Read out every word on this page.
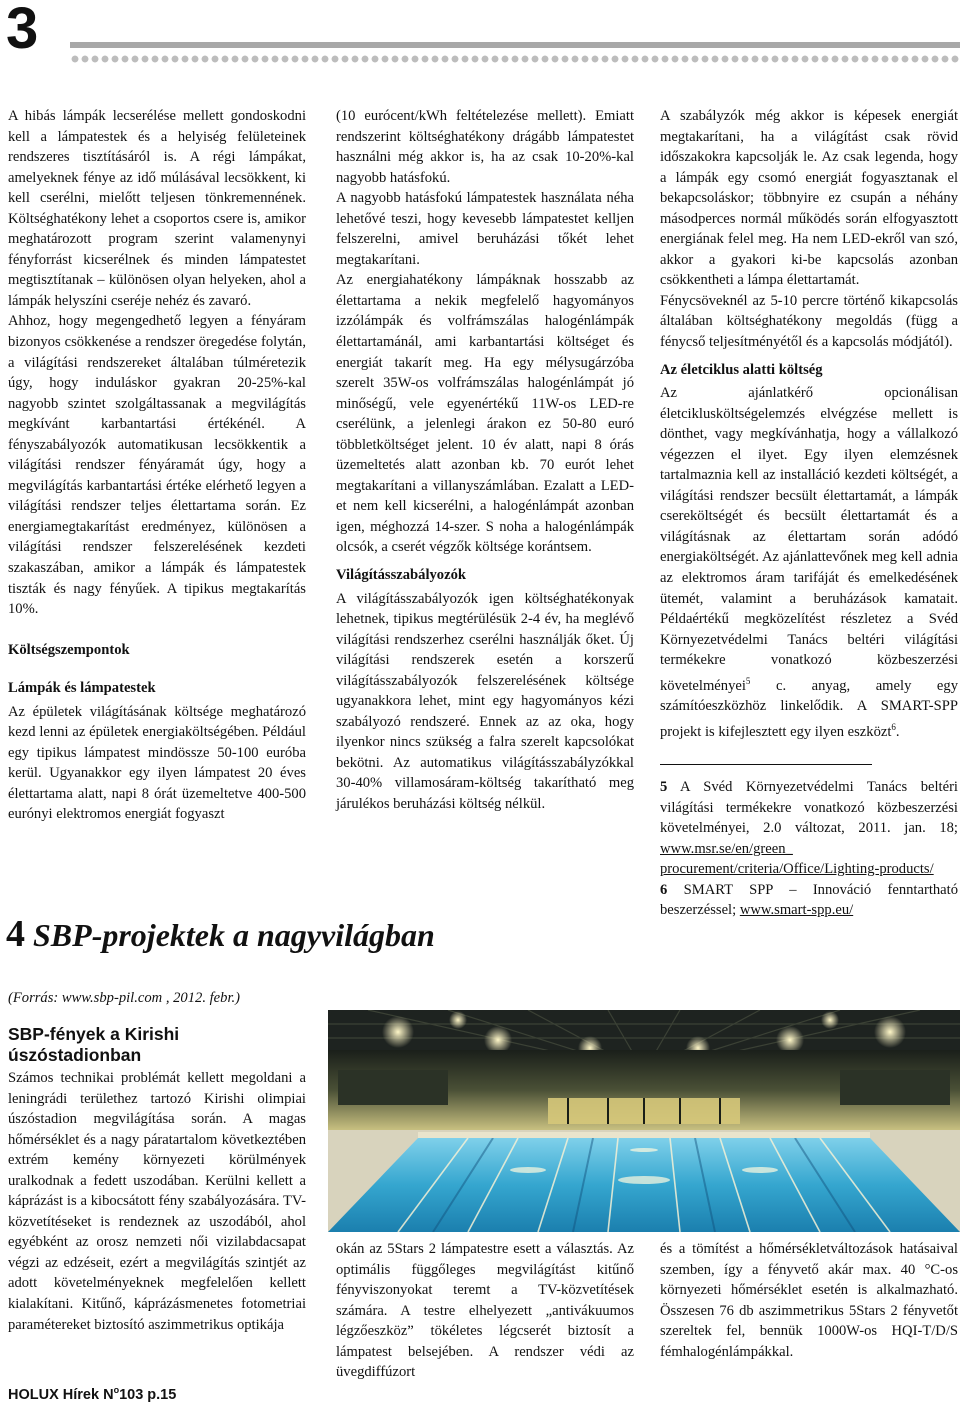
3

A hibás lámpák lecserélése mellett gondoskodni kell a lámpatestek és a helyiség felületeinek rendszeres tisztításáról is. A régi lámpákat, amelyeknek fénye az idő múlásával lecsökkent, ki kell cserélni, mielőtt teljesen tönkremennének. Költséghatékony lehet a csoportos csere is, amikor meghatározott program szerint valamenynyi fényforrást kicserélnek és minden lámpatestet megtisztítanak – különösen olyan helyeken, ahol a lámpák helyszíni cseréje nehéz és zavaró.

Ahhoz, hogy megengedhető legyen a fényáram bizonyos csökkenése a rendszer öregedése folytán, a világítási rendszereket általában túlméretezik úgy, hogy induláskor gyakran 20-25%-kal nagyobb szintet szolgáltassanak a megvilágítás megkívánt karbantartási értékénél. A fényszabályozók automatikusan lecsökkentik a világítási rendszer fényáramát úgy, hogy a megvilágítás karbantartási értéke elérhető legyen a világítási rendszer teljes élettartama során. Ez energiamegtakarítást eredményez, különösen a világítási rendszer felszerelésének kezdeti szakaszában, amikor a lámpák és lámpatestek tiszták és nagy fényűek. A tipikus megtakarítás 10%.

Költségszempontok
Lámpák és lámpatestek

Az épületek világításának költsége meghatározó kezd lenni az épületek energiaköltségében. Például egy tipikus lámpatest mindössze 50-100 euróba kerül. Ugyanakkor egy ilyen lámpatest 20 éves élettartama alatt, napi 8 órát üzemeltetve 400-500 eurónyi elektromos energiát fogyaszt

(10 eurócent/kWh feltételezése mellett). Emiatt rendszerint költséghatékony drágább lámpatestet használni még akkor is, ha az csak 10-20%-kal nagyobb hatásfokú.

A nagyobb hatásfokú lámpatestek használata néha lehetővé teszi, hogy kevesebb lámpatestet kelljen felszerelni, amivel beruházási tőkét lehet megtakarítani.

Az energiahatékony lámpáknak hosszabb az élettartama a nekik megfelelő hagyományos izzólámpák és volfrámszálas halogénlámpák élettartamánál, ami karbantartási költséget és energiát takarít meg. Ha egy mélysugárzóba szerelt 35W-os volfrámszálas halogénlámpát jó minőségű, vele egyenértékű 11W-os LED-re cserélünk, a jelenlegi árakon ez 50-80 euró többletköltséget jelent. 10 év alatt, napi 8 órás üzemeltetés alatt azonban kb. 70 eurót lehet megtakarítani a villanyszámlában. Ezalatt a LED-et nem kell kicserélni, a halogénlámpát azonban igen, méghozzá 14-szer. S noha a halogénlámpák olcsók, a cserét végzők költsége korántsem.

Világításszabályozók

A világításszabályozók igen költséghatékonyak lehetnek, tipikus megtérülésük 2-4 év, ha meglévő világítási rendszerhez cserélni használják őket. Új világítási rendszerek esetén a korszerű világításszabályozók felszerelésének költsége ugyanakkora lehet, mint egy hagyományos kézi szabályozó rendszeré. Ennek az az oka, hogy ilyenkor nincs szükség a falra szerelt kapcsolókat bekötni. Az automatikus világításszabályzókkal 30-40% villamosáram-költség takarítható meg járulékos beruházási költség nélkül.

A szabályzók még akkor is képesek energiát megtakarítani, ha a világítást csak rövid időszakokra kapcsolják le. Az csak legenda, hogy a lámpák egy csomó energiát fogyasztanak el bekapcsoláskor; többnyire ez csupán a néhány másodperces normál működés során elfogyasztott energiának felel meg. Ha nem LED-ekről van szó, akkor a gyakori ki-be kapcsolás azonban csökkentheti a lámpa élettartamát.

Fénycsöveknél az 5-10 percre történő kikapcsolás általában költséghatékony megoldás (függ a fénycső teljesítményétől és a kapcsolás módjától).

Az életciklus alatti költség

Az ajánlatkérő opcionálisan életciklusköltségelemzés elvégzése mellett is dönthet, vagy megkívánhatja, hogy a vállalkozó végezzen el ilyet. Egy ilyen elemzésnek tartalmaznia kell az installáció kezdeti költségét, a világítási rendszer becsült élettartamát, a lámpák csereköltségét és becsült élettartamát és a világításnak az élettartam során adódó energiaköltségét. Az ajánlattevőnek meg kell adnia az elektromos áram tarifáját és emelkedésének ütemét, valamint a beruházások kamatait. Példaértékű megközelítést részletez a Svéd Környezetvédelmi Tanács beltéri világítási termékekre vonatkozó közbeszerzési követelményei$^5$ c. anyag, amely egy számítóeszközhöz linkelődik. A SMART-SPP projekt is kifejlesztett egy ilyen eszközt$^6$.

5 A Svéd Környezetvédelmi Tanács beltéri világítási termékekre vonatkozó közbeszerzési követelményei, 2.0 változat, 2011. jan. 18; www.msr.se/en/green_ procurement/criteria/Office/Lighting-products/

6 SMART SPP – Innováció fenntartható beszerzéssel; www.smart-spp.eu/

4 SBP-projektek a nagyvilágban
(Forrás: www.sbp-pil.com , 2012. febr.)
SBP-fények a Kirishi úszóstadionban

Számos technikai problémát kellett megoldani a leningrádi területhez tartozó Kirishi olimpiai úszóstadion megvilágítása során. A magas hőmérséklet és a nagy páratartalom következtében extrém kemény környezeti körülmények uralkodnak a fedett uszodában. Kerülni kellett a káprázást is a kibocsátott fény szabályozására. TV-közvetítéseket is rendeznek az uszodából, ahol egyébként az orosz nemzeti női vizilabdacsapat végzi az edzéseit, ezért a megvilágítás szintjét az adott követelményeknek megfelelően kellett kialakítani. Kitűnő, káprázásmenetes fotometriai paramétereket biztosító aszimmetrikus optikája

okán az 5Stars 2 lámpatestre esett a választás. Az optimális függőleges megvilágítást kitűnő fényviszonyokat teremt a TV-közvetítések számára. A testre elhelyezett „antivákuumos légzőeszköz” tökéletes légcserét biztosít a lámpatest belsejében. A rendszer védi az üvegdiffúzort

és a tömítést a hőmérsékletváltozások hatásaival szemben, így a fényvető akár max. 40 °C-os környezeti hőmérséklet esetén is alkalmazható. Összesen 76 db aszimmetrikus 5Stars 2 fényvetőt szereltek fel, bennük 1000W-os HQI-T/D/S fémhalogénlámpákkal.

HOLUX Hírek $N^o103$ p.15
